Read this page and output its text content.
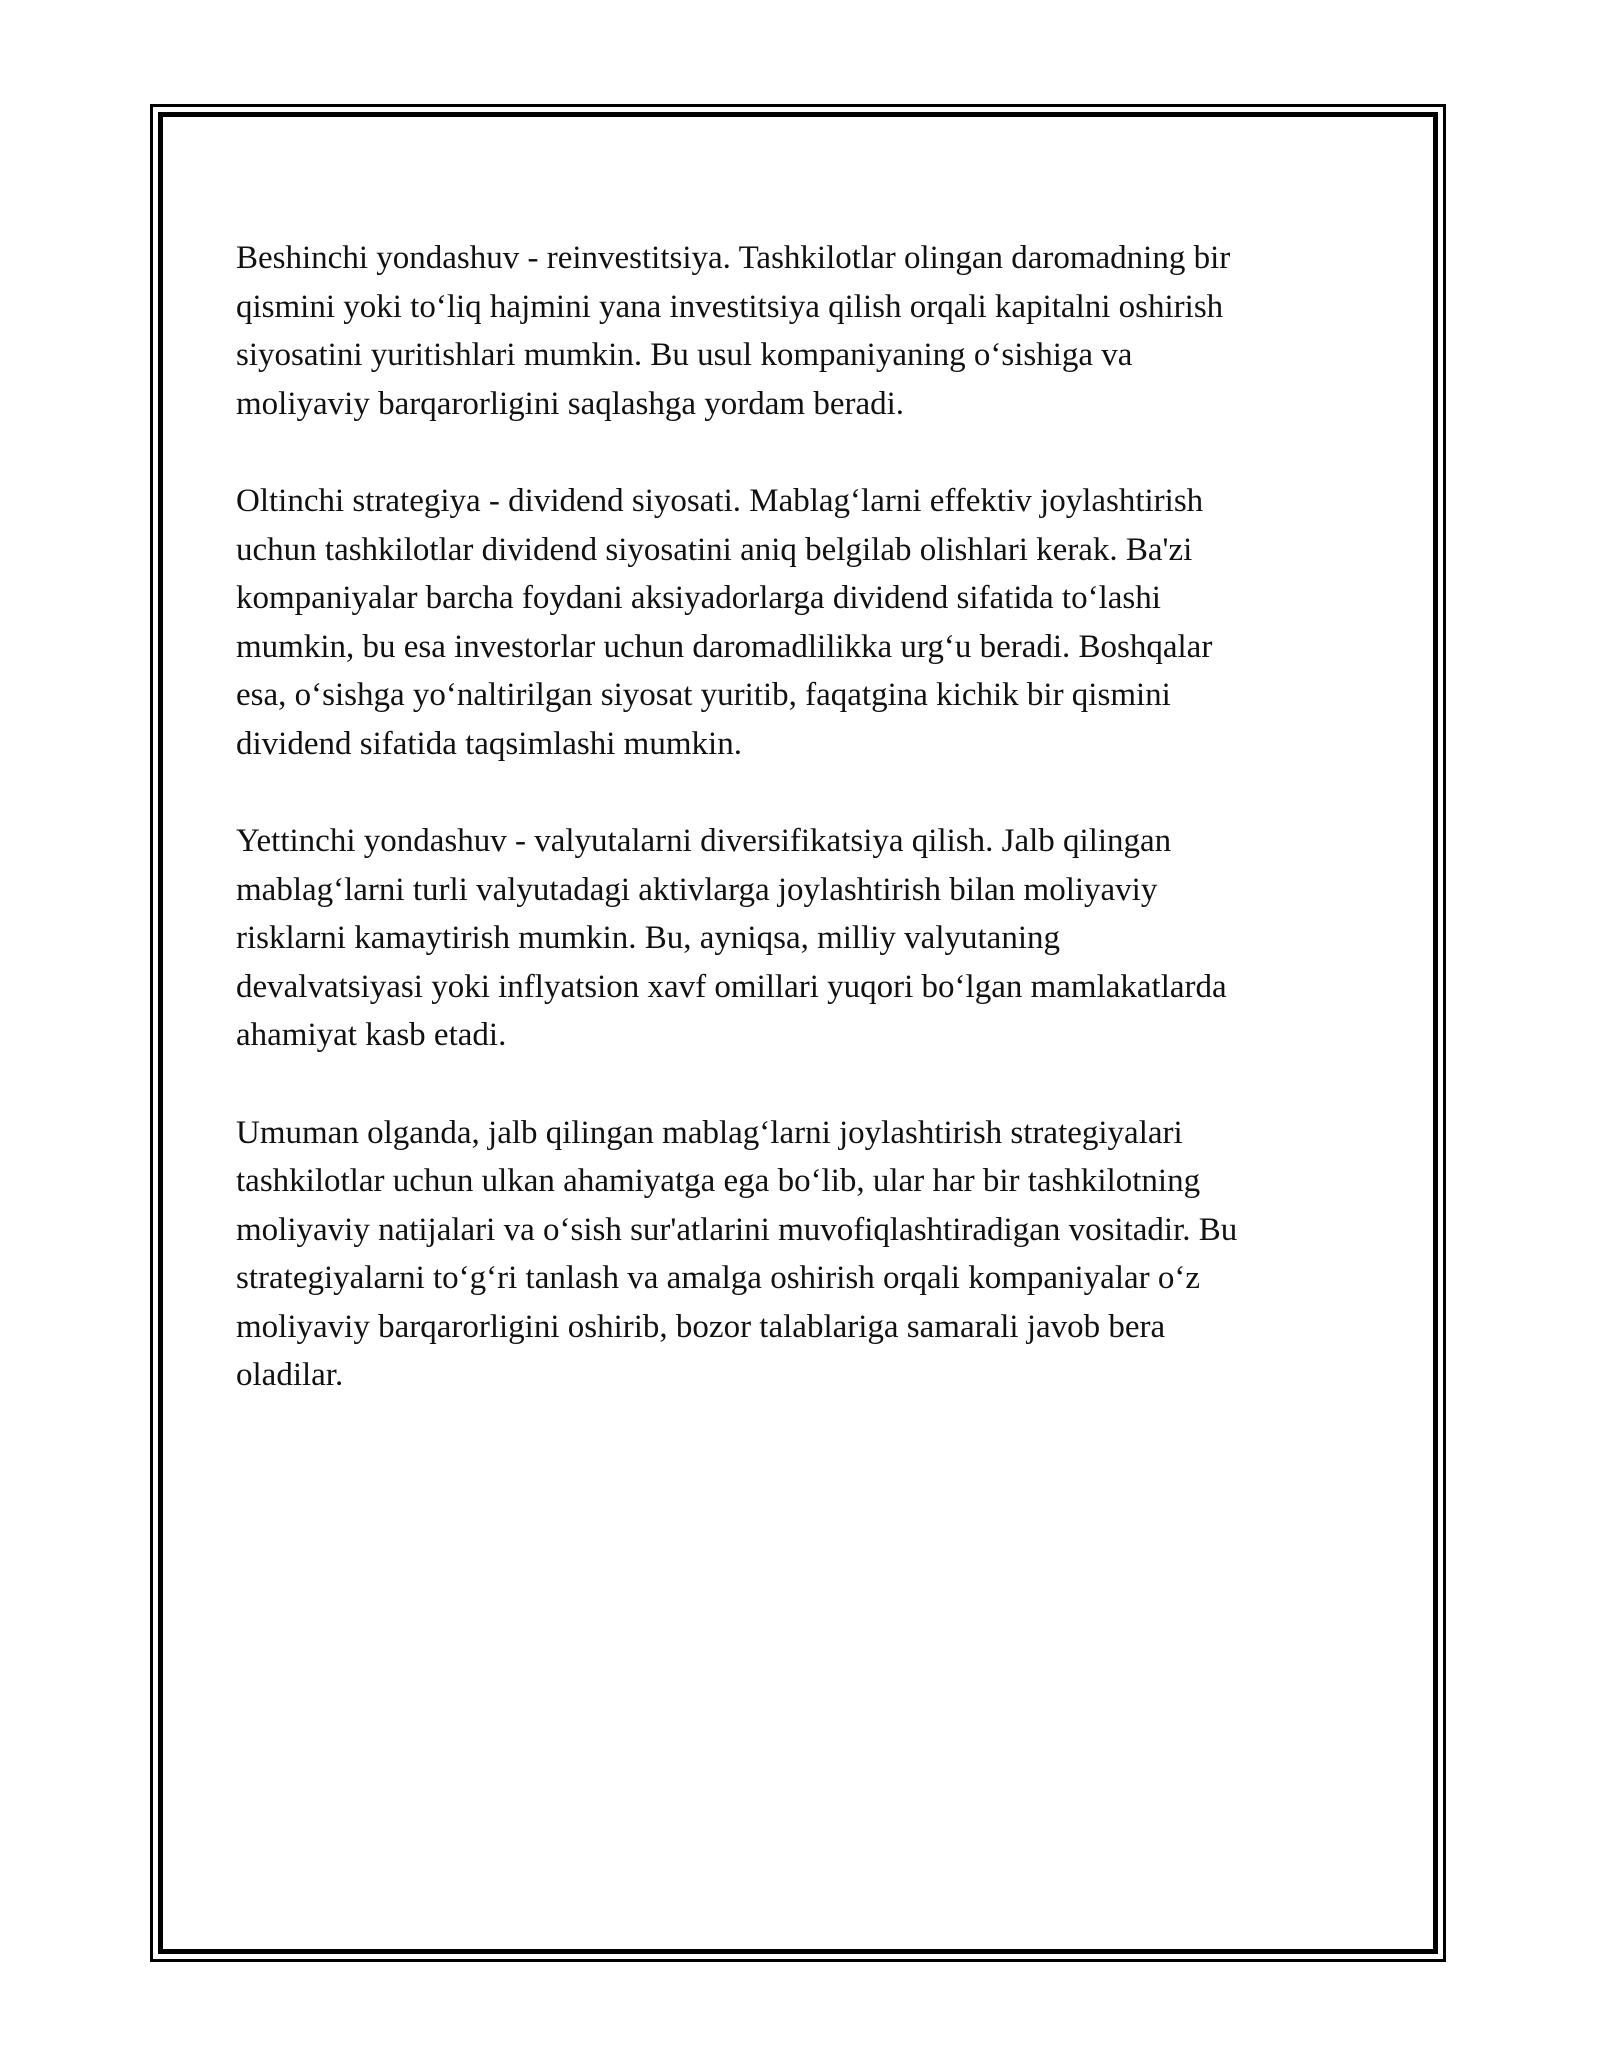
Beshinchi yondashuv - reinvestitsiya. Tashkilotlar olingan daromadning bir
qismini yoki to‘liq hajmini yana investitsiya qilish orqali kapitalni oshirish
siyosatini yuritishlari mumkin. Bu usul kompaniyaning o‘sishiga va
moliyaviy barqarorligini saqlashga yordam beradi.

Oltinchi strategiya - dividend siyosati. Mablag‘larni effektiv joylashtirish
uchun tashkilotlar dividend siyosatini aniq belgilab olishlari kerak. Ba'zi
kompaniyalar barcha foydani aksiyadorlarga dividend sifatida to‘lashi
mumkin, bu esa investorlar uchun daromadlilikka urg‘u beradi. Boshqalar
esa, o‘sishga yo‘naltirilgan siyosat yuritib, faqatgina kichik bir qismini
dividend sifatida taqsimlashi mumkin.

Yettinchi yondashuv - valyutalarni diversifikatsiya qilish. Jalb qilingan
mablag‘larni turli valyutadagi aktivlarga joylashtirish bilan moliyaviy
risklarni kamaytirish mumkin. Bu, ayniqsa, milliy valyutaning
devalvatsiyasi yoki inflyatsion xavf omillari yuqori bo‘lgan mamlakatlarda
ahamiyat kasb etadi.

Umuman olganda, jalb qilingan mablag‘larni joylashtirish strategiyalari
tashkilotlar uchun ulkan ahamiyatga ega bo‘lib, ular har bir tashkilotning
moliyaviy natijalari va o‘sish sur'atlarini muvofiqlashtiradigan vositadir. Bu
strategiyalarni to‘g‘ri tanlash va amalga oshirish orqali kompaniyalar o‘z
moliyaviy barqarorligini oshirib, bozor talablariga samarali javob bera
oladilar.
